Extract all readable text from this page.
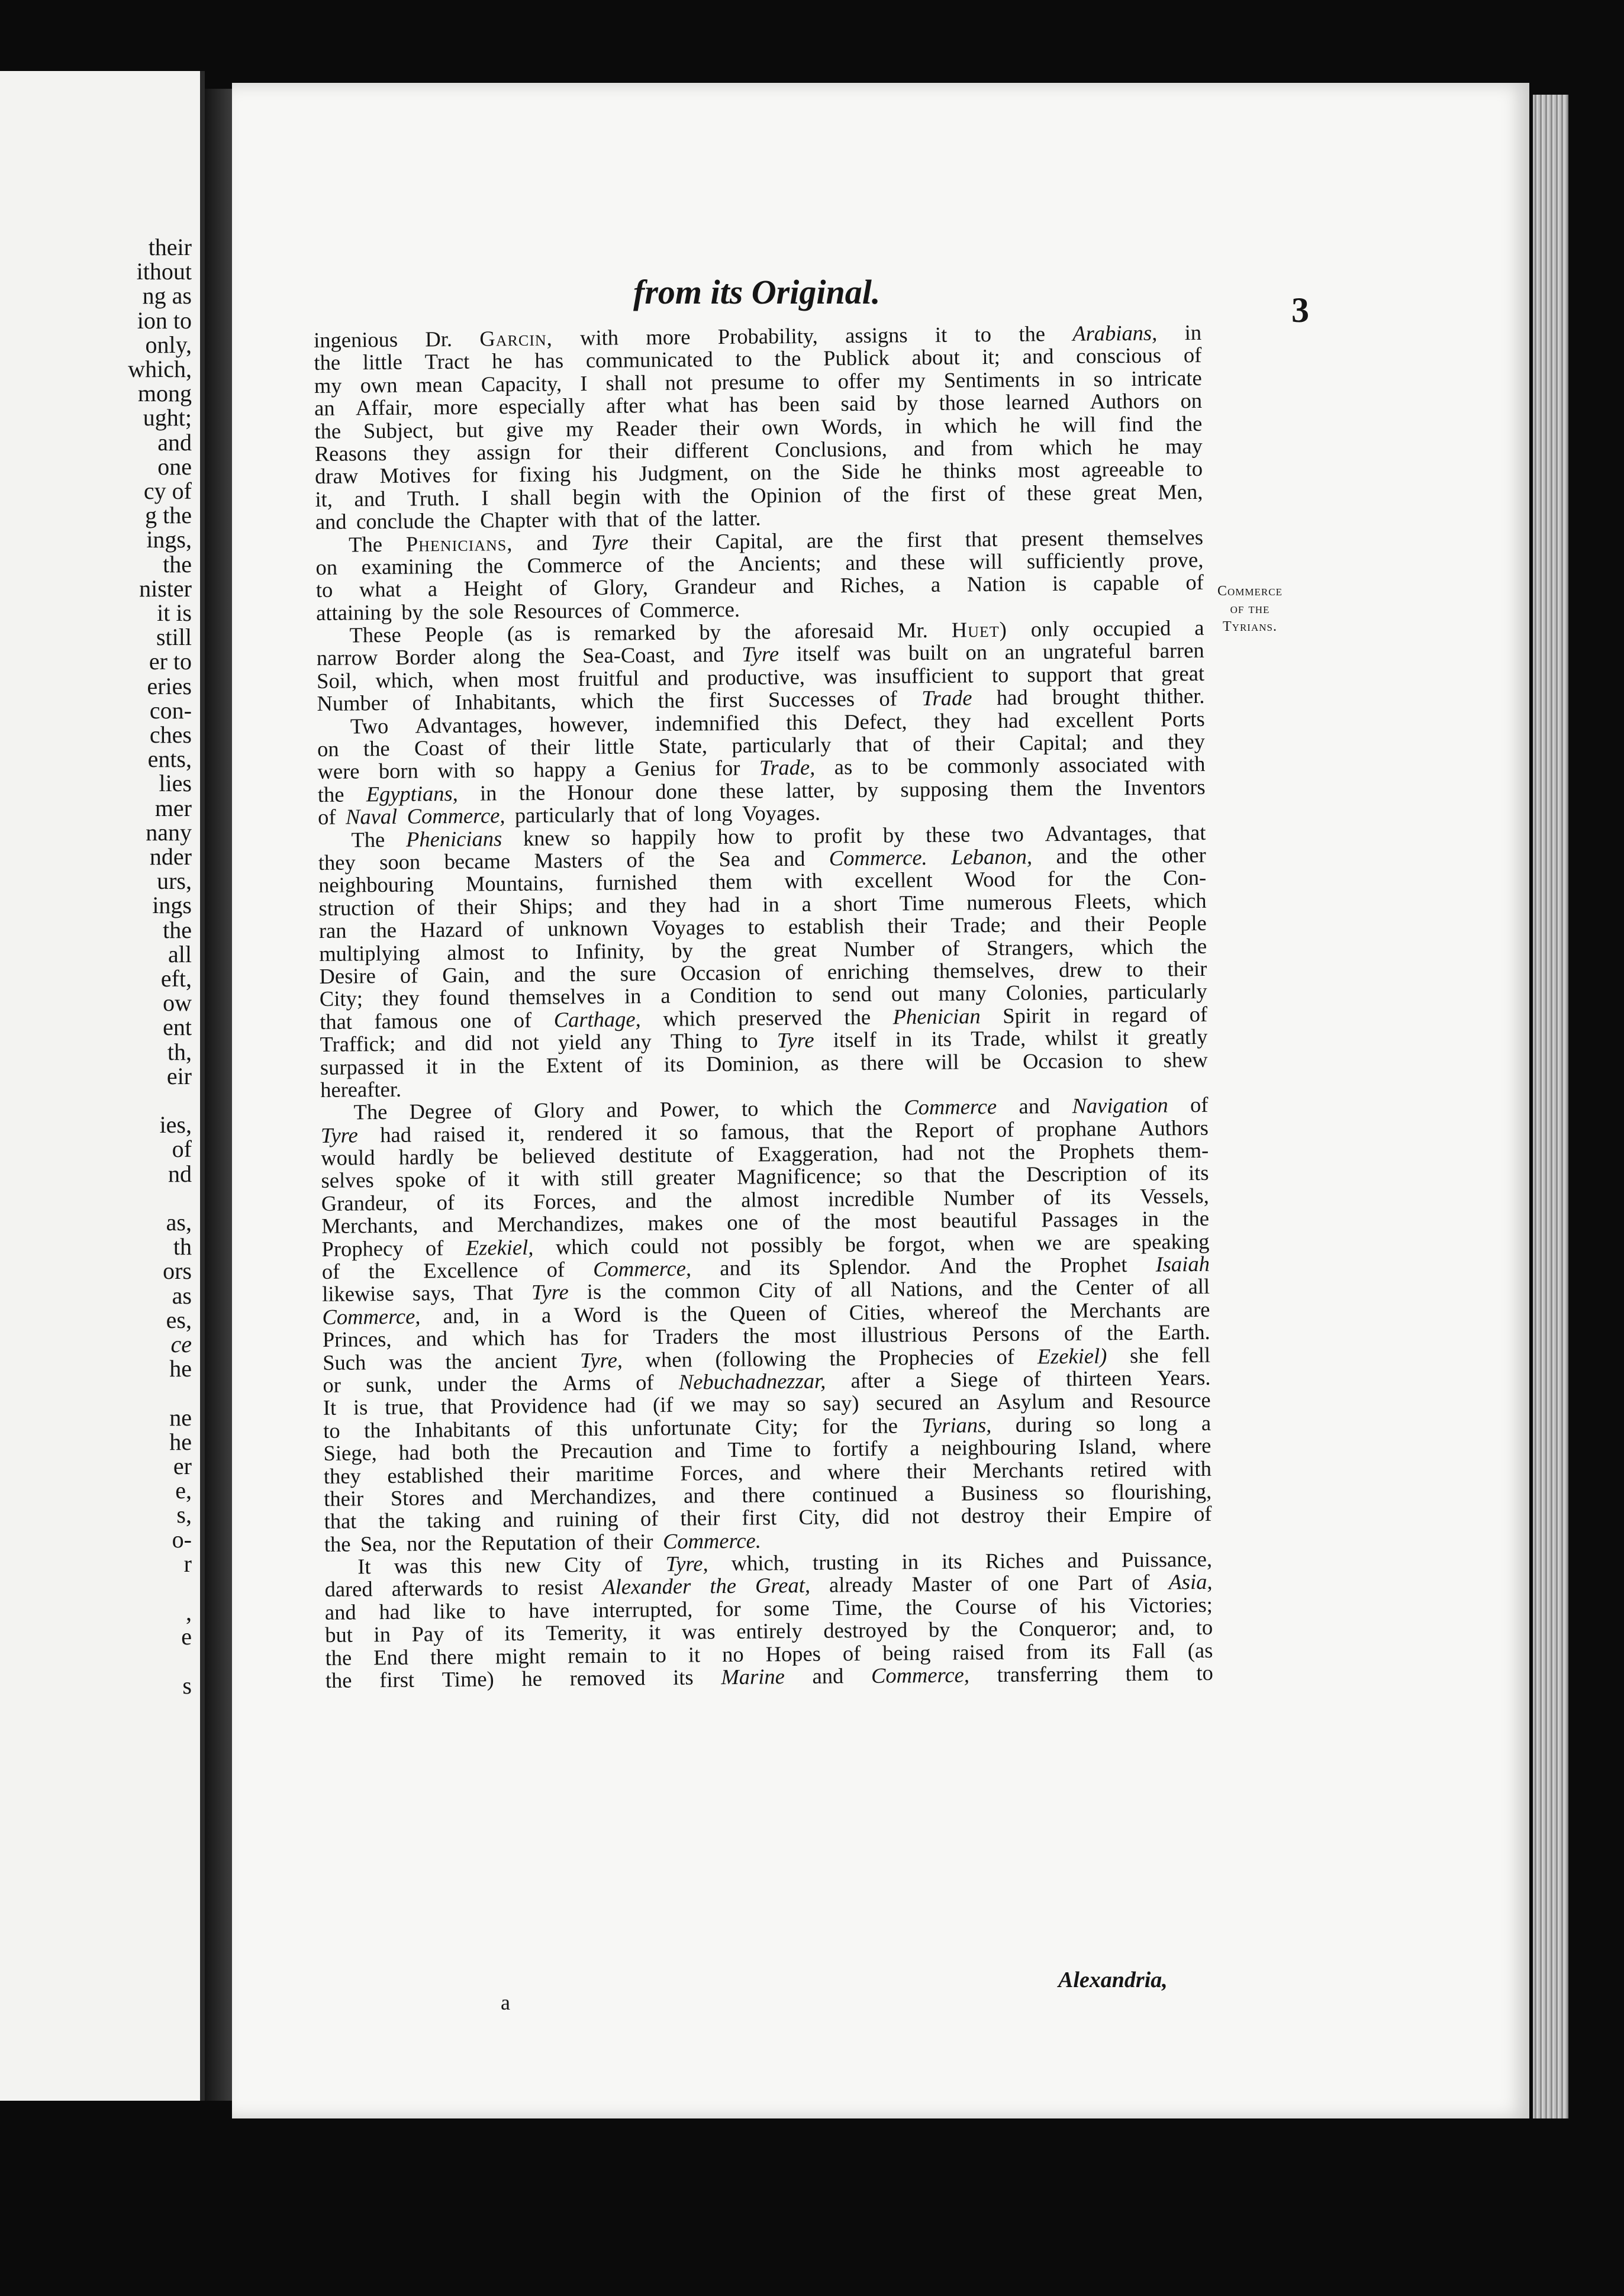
their
ithout
ng as
ion to
only,
which,
mong
ught;
and
one
cy of
g the
ings,
the
nister
it is
still
er to
eries
con-
ches
ents,
lies
mer
nany
nder
urs,
ings
the
all
eft,
ow
ent
th,
eir
ies,
of
nd
as,
th
ors
as
es,
ce
he
ne
he
er
e,
s,
o-
r
,
e
s
from its Original.	3
ingenious Dr. Garcin, with more Probability, assigns it to the Arabians, in
the little Tract he has communicated to the Publick about it; and conscious of
my own mean Capacity, I shall not presume to offer my Sentiments in so intricate
an Affair, more especially after what has been said by those learned Authors on
the Subject, but give my Reader their own Words, in which he will find the
Reasons they assign for their different Conclusions, and from which he may
draw Motives for fixing his Judgment, on the Side he thinks most agreeable to
it, and Truth. I shall begin with the Opinion of the first of these great Men,
and conclude the Chapter with that of the latter.
The Phenicians, and Tyre their Capital, are the first that present themselves
on examining the Commerce of the Ancients; and these will sufficiently prove,
to what a Height of Glory, Grandeur and Riches, a Nation is capable of
attaining by the sole Resources of Commerce.
These People (as is remarked by the aforesaid Mr. Huet) only occupied a
narrow Border along the Sea-Coast, and Tyre itself was built on an ungrateful barren
Soil, which, when most fruitful and productive, was insufficient to support that great
Number of Inhabitants, which the first Successes of Trade had brought thither.
Two Advantages, however, indemnified this Defect, they had excellent Ports
on the Coast of their little State, particularly that of their Capital; and they
were born with so happy a Genius for Trade, as to be commonly associated with
the Egyptians, in the Honour done these latter, by supposing them the Inventors
of Naval Commerce, particularly that of long Voyages.
The Phenicians knew so happily how to profit by these two Advantages, that
they soon became Masters of the Sea and Commerce. Lebanon, and the other
neighbouring Mountains, furnished them with excellent Wood for the Con-
struction of their Ships; and they had in a short Time numerous Fleets, which
ran the Hazard of unknown Voyages to establish their Trade; and their People
multiplying almost to Infinity, by the great Number of Strangers, which the
Desire of Gain, and the sure Occasion of enriching themselves, drew to their
City; they found themselves in a Condition to send out many Colonies, particularly
that famous one of Carthage, which preserved the Phenician Spirit in regard of
Traffick; and did not yield any Thing to Tyre itself in its Trade, whilst it greatly
surpassed it in the Extent of its Dominion, as there will be Occasion to shew
hereafter.
The Degree of Glory and Power, to which the Commerce and Navigation of
Tyre had raised it, rendered it so famous, that the Report of prophane Authors
would hardly be believed destitute of Exaggeration, had not the Prophets them-
selves spoke of it with still greater Magnificence; so that the Description of its
Grandeur, of its Forces, and the almost incredible Number of its Vessels,
Merchants, and Merchandizes, makes one of the most beautiful Passages in the
Prophecy of Ezekiel, which could not possibly be forgot, when we are speaking
of the Excellence of Commerce, and its Splendor. And the Prophet Isaiah
likewise says, That Tyre is the common City of all Nations, and the Center of all
Commerce, and, in a Word is the Queen of Cities, whereof the Merchants are
Princes, and which has for Traders the most illustrious Persons of the Earth.
Such was the ancient Tyre, when (following the Prophecies of Ezekiel) she fell
or sunk, under the Arms of Nebuchadnezzar, after a Siege of thirteen Years.
It is true, that Providence had (if we may so say) secured an Asylum and Resource
to the Inhabitants of this unfortunate City; for the Tyrians, during so long a
Siege, had both the Precaution and Time to fortify a neighbouring Island, where
they established their maritime Forces, and where their Merchants retired with
their Stores and Merchandizes, and there continued a Business so flourishing,
that the taking and ruining of their first City, did not destroy their Empire of
the Sea, nor the Reputation of their Commerce.
It was this new City of Tyre, which, trusting in its Riches and Puissance,
dared afterwards to resist Alexander the Great, already Master of one Part of Asia,
and had like to have interrupted, for some Time, the Course of his Victories;
but in Pay of its Temerity, it was entirely destroyed by the Conqueror; and, to
the End there might remain to it no Hopes of being raised from its Fall (as
the first Time) he removed its Marine and Commerce, transferring them to
Commerce
of the
Tyrians.
a
Alexandria,
